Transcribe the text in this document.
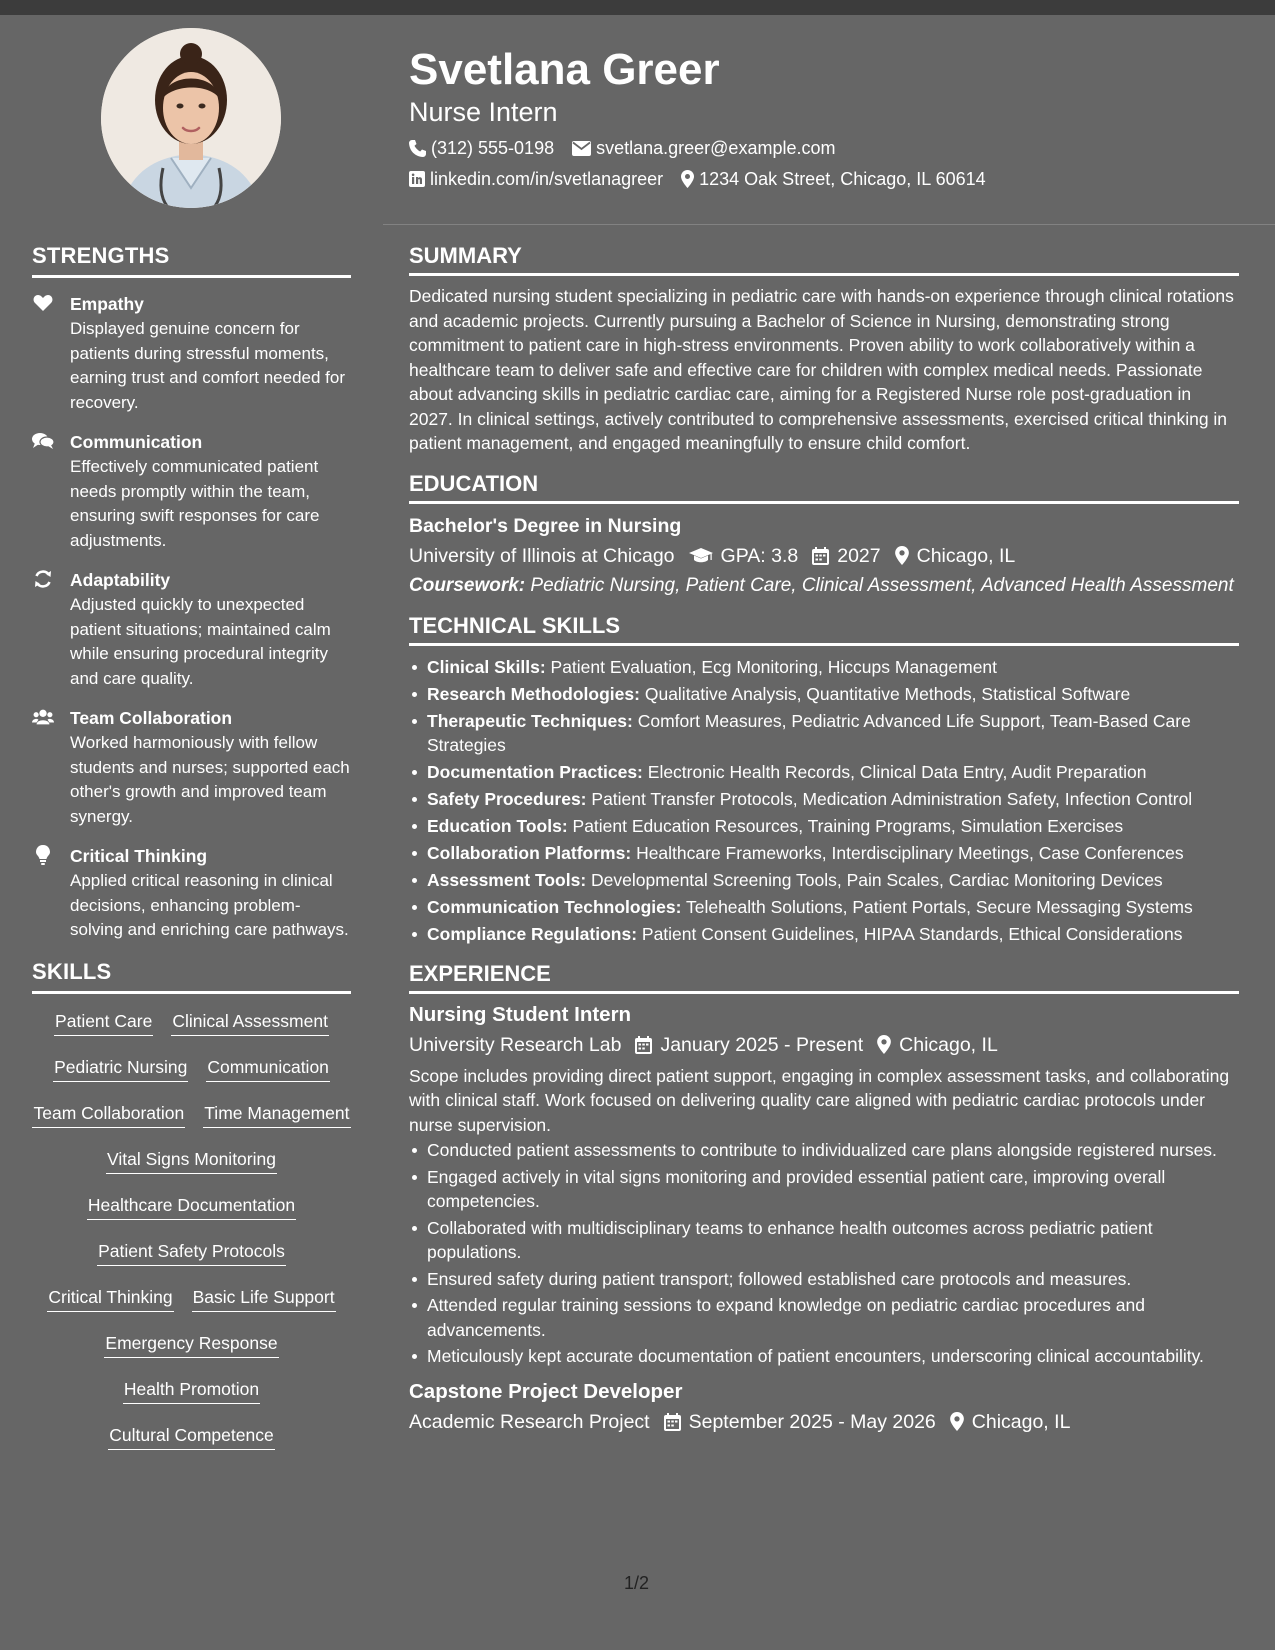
STRENGTHS
Empathy
Displayed genuine concern for patients during stressful moments, earning trust and comfort needed for recovery.
Communication
Effectively communicated patient needs promptly within the team, ensuring swift responses for care adjustments.
Adaptability
Adjusted quickly to unexpected patient situations; maintained calm while ensuring procedural integrity and care quality.
Team Collaboration
Worked harmoniously with fellow students and nurses; supported each other's growth and improved team synergy.
Critical Thinking
Applied critical reasoning in clinical decisions, enhancing problem-solving and enriching care pathways.
SKILLS
Patient Care Clinical Assessment
Pediatric Nursing Communication
Team Collaboration Time Management
Vital Signs Monitoring
Healthcare Documentation
Patient Safety Protocols
Critical Thinking Basic Life Support
Emergency Response
Health Promotion
Cultural Competence
Svetlana Greer
Nurse Intern
(312) 555-0198 svetlana.greer@example.com
linkedin.com/in/svetlanagreer 1234 Oak Street, Chicago, IL 60614
SUMMARY
Dedicated nursing student specializing in pediatric care with hands-on experience through clinical rotations and academic projects. Currently pursuing a Bachelor of Science in Nursing, demonstrating strong commitment to patient care in high-stress environments. Proven ability to work collaboratively within a healthcare team to deliver safe and effective care for children with complex medical needs. Passionate about advancing skills in pediatric cardiac care, aiming for a Registered Nurse role post-graduation in 2027. In clinical settings, actively contributed to comprehensive assessments, exercised critical thinking in patient management, and engaged meaningfully to ensure child comfort.
EDUCATION
Bachelor's Degree in Nursing
University of Illinois at Chicago GPA: 3.8 2027 Chicago, IL
Coursework: Pediatric Nursing, Patient Care, Clinical Assessment, Advanced Health Assessment
TECHNICAL SKILLS
Clinical Skills: Patient Evaluation, Ecg Monitoring, Hiccups Management
Research Methodologies: Qualitative Analysis, Quantitative Methods, Statistical Software
Therapeutic Techniques: Comfort Measures, Pediatric Advanced Life Support, Team-Based Care Strategies
Documentation Practices: Electronic Health Records, Clinical Data Entry, Audit Preparation
Safety Procedures: Patient Transfer Protocols, Medication Administration Safety, Infection Control
Education Tools: Patient Education Resources, Training Programs, Simulation Exercises
Collaboration Platforms: Healthcare Frameworks, Interdisciplinary Meetings, Case Conferences
Assessment Tools: Developmental Screening Tools, Pain Scales, Cardiac Monitoring Devices
Communication Technologies: Telehealth Solutions, Patient Portals, Secure Messaging Systems
Compliance Regulations: Patient Consent Guidelines, HIPAA Standards, Ethical Considerations
EXPERIENCE
Nursing Student Intern
University Research Lab January 2025 - Present Chicago, IL
Scope includes providing direct patient support, engaging in complex assessment tasks, and collaborating with clinical staff. Work focused on delivering quality care aligned with pediatric cardiac protocols under nurse supervision.
Conducted patient assessments to contribute to individualized care plans alongside registered nurses.
Engaged actively in vital signs monitoring and provided essential patient care, improving overall competencies.
Collaborated with multidisciplinary teams to enhance health outcomes across pediatric patient populations.
Ensured safety during patient transport; followed established care protocols and measures.
Attended regular training sessions to expand knowledge on pediatric cardiac procedures and advancements.
Meticulously kept accurate documentation of patient encounters, underscoring clinical accountability.
Capstone Project Developer
Academic Research Project September 2025 - May 2026 Chicago, IL
1/2
